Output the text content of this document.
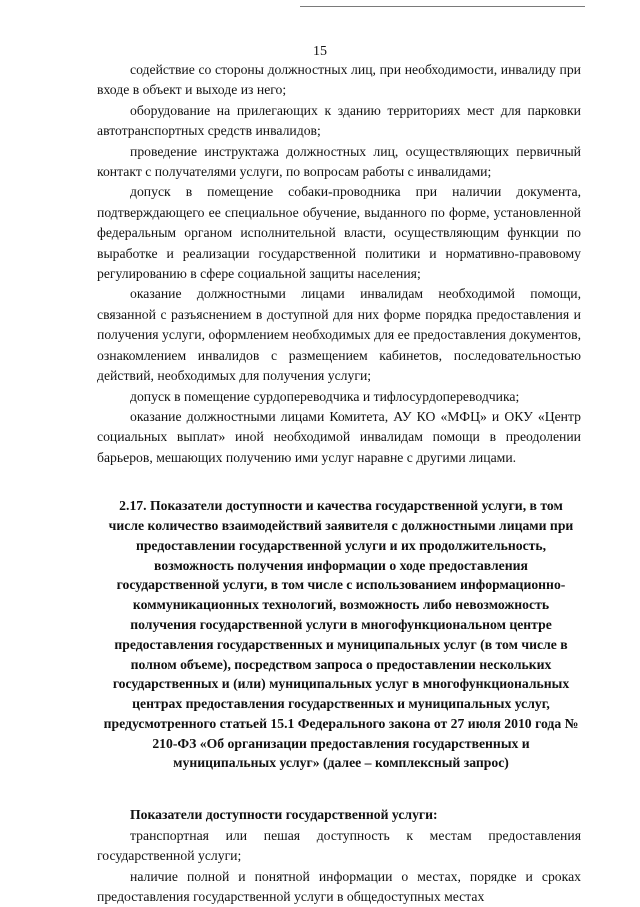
15

содействие со стороны должностных лиц, при необходимости, инвалиду при входе в объект и выходе из него;

оборудование на прилегающих к зданию территориях мест для парковки автотранспортных средств инвалидов;

проведение инструктажа должностных лиц, осуществляющих первичный контакт с получателями услуги, по вопросам работы с инвалидами;

допуск в помещение собаки-проводника при наличии документа, подтверждающего ее специальное обучение, выданного по форме, установленной федеральным органом исполнительной власти, осуществляющим функции по выработке и реализации государственной политики и нормативно-правовому регулированию в сфере социальной защиты населения;

оказание должностными лицами инвалидам необходимой помощи, связанной с разъяснением в доступной для них форме порядка предоставления и получения услуги, оформлением необходимых для ее предоставления документов, ознакомлением инвалидов с размещением кабинетов, последовательностью действий, необходимых для получения услуги;

допуск в помещение сурдопереводчика и тифлосурдопереводчика;

оказание должностными лицами Комитета, АУ КО «МФЦ» и ОКУ «Центр социальных выплат» иной необходимой инвалидам помощи в преодолении барьеров, мешающих получению ими услуг наравне с другими лицами.

2.17. Показатели доступности и качества государственной услуги, в том числе количество взаимодействий заявителя с должностными лицами при предоставлении государственной услуги и их продолжительность, возможность получения информации о ходе предоставления государственной услуги, в том числе с использованием информационно-коммуникационных технологий, возможность либо невозможность получения государственной услуги в многофункциональном центре предоставления государственных и муниципальных услуг (в том числе в полном объеме), посредством запроса о предоставлении нескольких государственных и (или) муниципальных услуг в многофункциональных центрах предоставления государственных и муниципальных услуг, предусмотренного статьей 15.1 Федерального закона от 27 июля 2010 года № 210-ФЗ «Об организации предоставления государственных и муниципальных услуг» (далее – комплексный запрос)

Показатели доступности государственной услуги:

транспортная или пешая доступность к местам предоставления государственной услуги;

наличие полной и понятной информации о местах, порядке и сроках предоставления государственной услуги в общедоступных местах
